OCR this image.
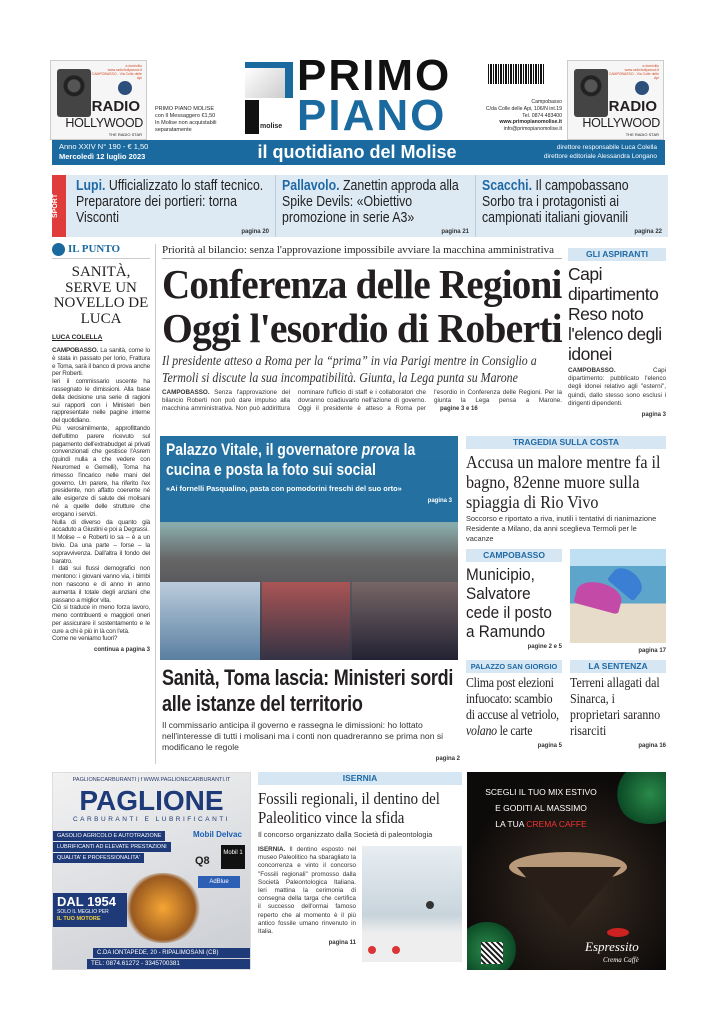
a domicilio www.radiohollywood.it CAMPOBASSO - Via Colle delle Api
RADIO
HOLLYWOOD
THE RADIO STAR
a domicilio www.radiohollywood.it CAMPOBASSO - Via Colle delle Api
RADIO
HOLLYWOOD
THE RADIO STAR
PRIMO PIANO MOLISE
con Il Messaggero €1,50
In Molise non acquistabili
separatamente
PRIMO
PIANO
molise
Campobasso
C/da Colle delle Api, 106/N int.19
Tel. 0874 483400
www.primopianomolise.it
info@primopianomolise.it
Anno XXIV N° 190 - € 1,50
Mercoledì 12 luglio 2023	il quotidiano del Molise	direttore responsabile Luca Colella
direttore editoriale Alessandra Longano
SPORT
Lupi. Ufficializzato lo staff tecnico. Preparatore dei portieri: torna Visconti
pagina 20
Pallavolo. Zanettin approda alla Spike Devils: «Obiettivo promozione in serie A3»
pagina 21
Scacchi. Il campobassano Sorbo tra i protagonisti ai campionati italiani giovanili
pagina 22
IL PUNTO
SANITÀ, SERVE UN NOVELLO DE LUCA
LUCA COLELLA
CAMPOBASSO. La sanità, come lo è stata in passato per Iorio, Frattura e Toma, sarà il banco di prova anche per Roberti.
Ieri il commissario uscente ha rassegnato le dimissioni. Alla base della decisione una serie di ragioni sui rapporti con i Ministeri ben rappresentate nelle pagine interne del quotidiano.
Più verosimilmente, approfittando dell'ultimo parere ricevuto sul pagamento dell'extrabudget ai privati convenzionati che gestisce l'Asrem (quindi nulla a che vedere con Neuromed e Gemelli), Toma ha rimesso l'incarico nelle mani del governo. Un parere, ha riferito l'ex presidente, non affatto coerente né alle esigenze di salute dei molisani né a quelle delle strutture che erogano i servizi.
Nulla di diverso da quanto già accaduto a Giustini e poi a Degrassi.
Il Molise – e Roberti lo sa – è a un bivio. Da una parte – forse – la sopravvivenza. Dall'altra il fondo del baratro.
I dati sui flussi demografici non mentono: i giovani vanno via, i bimbi non nascono e di anno in anno aumenta il totale degli anziani che passano a miglior vita.
Ciò si traduce in meno forza lavoro, meno contribuenti e maggiori oneri per assicurare il sostentamento e le cure a chi è più in là con l'età.
Come ne veniamo fuori?
continua a pagina 3
Priorità al bilancio: senza l'approvazione impossibile avviare la macchina amministrativa
Conferenza delle Regioni
Oggi l'esordio di Roberti
Il presidente atteso a Roma per la “prima” in via Parigi mentre in Consiglio a Termoli si discute la sua incompatibilità. Giunta, la Lega punta su Marone
CAMPOBASSO. Senza l'approvazione del bilancio Roberti non può dare impulso alla macchina amministrativa. Non può addirittura nominare l'ufficio di staff e i collaboratori che dovranno coadiuvarlo nell'azione di governo. Oggi il presidente è atteso a Roma per l'esordio in Conferenza delle Regioni. Per la giunta la Lega pensa a Marone. pagine 3 e 16
Palazzo Vitale, il governatore prova la cucina e posta la foto sui social
«Ai fornelli Pasqualino, pasta con pomodorini freschi del suo orto»
pagina 3
Sanità, Toma lascia: Ministeri sordi alle istanze del territorio
Il commissario anticipa il governo e rassegna le dimissioni: ho lottato nell'interesse di tutti i molisani ma i conti non quadreranno se prima non si modificano le regole
pagina 2
GLI ASPIRANTI
Capi dipartimento Reso noto l'elenco degli idonei
CAMPOBASSO.	Capi dipartimento: pubblicato l'elenco degli idonei relativo agli "esterni", quindi, dallo stesso sono esclusi i dirigenti dipendenti.
pagina 3
TRAGEDIA SULLA COSTA
Accusa un malore mentre fa il bagno, 82enne muore sulla spiaggia di Rio Vivo
Soccorso e riportato a riva, inutili i tentativi di rianimazione Residente a Milano, da anni sceglieva Termoli per le vacanze
CAMPOBASSO
Municipio, Salvatore cede il posto a Ramundo
pagine 2 e 5
pagina 17
PALAZZO SAN GIORGIO
Clima post elezioni infuocato: scambio di accuse al vetriolo, volano le carte
pagina 5
LA SENTENZA
Terreni allagati dal Sinarca, i proprietari saranno risarciti
pagina 16
PAGLIONECARBURANTI | f WWW.PAGLIONECARBURANTI.IT
PAGLIONE
CARBURANTI E LUBRIFICANTI
GASOLIO AGRICOLO E AUTOTRAZIONE
LUBRIFICANTI AD ELEVATE PRESTAZIONI
QUALITA' E PROFESSIONALITA'
Mobil Delvac
Q8
Mobil 1
AdBlue
DAL 1954
SOLO IL MEGLIO PER
IL TUO MOTORE
C.DA IONTAPEDE, 20 - RIPALIMOSANI (CB)
TEL: 0874.61272 - 3345700381
ISERNIA
Fossili regionali, il dentino del Paleolitico vince la sfida
Il concorso organizzato dalla Società di paleontologia
ISERNIA. Il dentino esposto nel museo Paleolitico ha sbaragliato la concorrenza e vinto il concorso "Fossili regionali" promosso dalla Società Paleontologica Italiana. Ieri mattina la cerimonia di consegna della targa che certifica il successo dell'ormai famoso reperto che al momento è il più antico fossile umano rinvenuto in Italia.
pagina 11
SCEGLI IL TUO MIX ESTIVO
E GODITI AL MASSIMO
LA TUA CREMA CAFFE
Espressito
Crema Caffè
